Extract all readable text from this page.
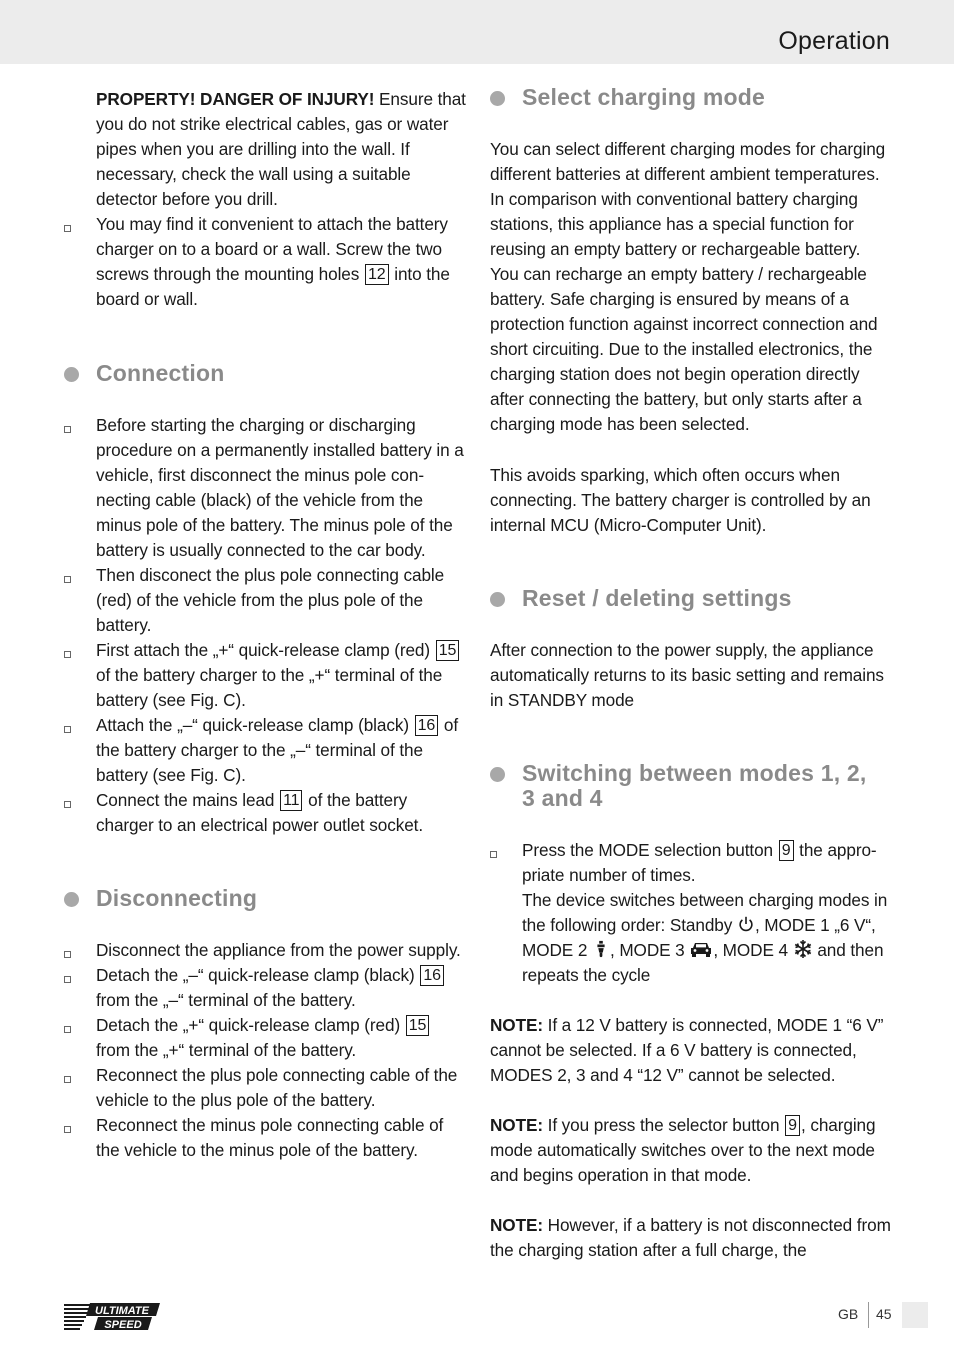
Operation
PROPERTY! DANGER OF INJURY! Ensure that you do not strike electrical cables, gas or water pipes when you are drilling into the wall. If necessary, check the wall using a suitable detector before you drill.
You may find it convenient to attach the battery charger on to a board or a wall. Screw the two screws through the mounting holes 12 into the board or wall.
Connection
Before starting the charging or discharging procedure on a permanently installed battery in a vehicle, first disconnect the minus pole con-necting cable (black) of the vehicle from the minus pole of the battery. The minus pole of the battery is usually connected to the car body.
Then disconect the plus pole connecting cable (red) of the vehicle from the plus pole of the battery.
First attach the „+“ quick-release clamp (red) 15 of the battery charger to the „+“ terminal of the battery (see Fig. C).
Attach the „–“ quick-release clamp (black) 16 of the battery charger to the „–“ terminal of the battery (see Fig. C).
Connect the mains lead 11 of the battery charger to an electrical power outlet socket.
Disconnecting
Disconnect the appliance from the power supply.
Detach the „–“ quick-release clamp (black) 16 from the „–“ terminal of the battery.
Detach the „+“ quick-release clamp (red) 15 from the „+“ terminal of the battery.
Reconnect the plus pole connecting cable of the vehicle to the plus pole of the battery.
Reconnect the minus pole connecting cable of the vehicle to the minus pole of the battery.
Select charging mode
You can select different charging modes for charging different batteries at different ambient temperatures. In comparison with conventional battery charging stations, this appliance has a special function for reusing an empty battery or rechargeable battery. You can recharge an empty battery / rechargeable battery. Safe charging is ensured by means of a protection function against incorrect connection and short circuiting. Due to the installed electronics, the charging station does not begin operation directly after connecting the battery, but only starts after a charging mode has been selected.
This avoids sparking, which often occurs when connecting. The battery charger is controlled by an internal MCU (Micro-Computer Unit).
Reset / deleting settings
After connection to the power supply, the appliance automatically returns to its basic setting and remains in STANDBY mode
Switching between modes 1, 2, 3 and 4
Press the MODE selection button 9 the appro-priate number of times.
The device switches between charging modes in the following order: Standby , MODE 1 „6 V“, MODE 2 , MODE 3 , MODE 4  and then repeats the cycle
NOTE: If a 12 V battery is connected, MODE 1 “6 V” cannot be selected. If a 6 V battery is connected, MODES 2, 3 and 4 “12 V” cannot be selected.
NOTE: If you press the selector button 9 , charging mode automatically switches over to the next mode and begins operation in that mode.
NOTE: However, if a battery is not disconnected from the charging station after a full charge, the
ULTIMATE
SPEED
GB 45
